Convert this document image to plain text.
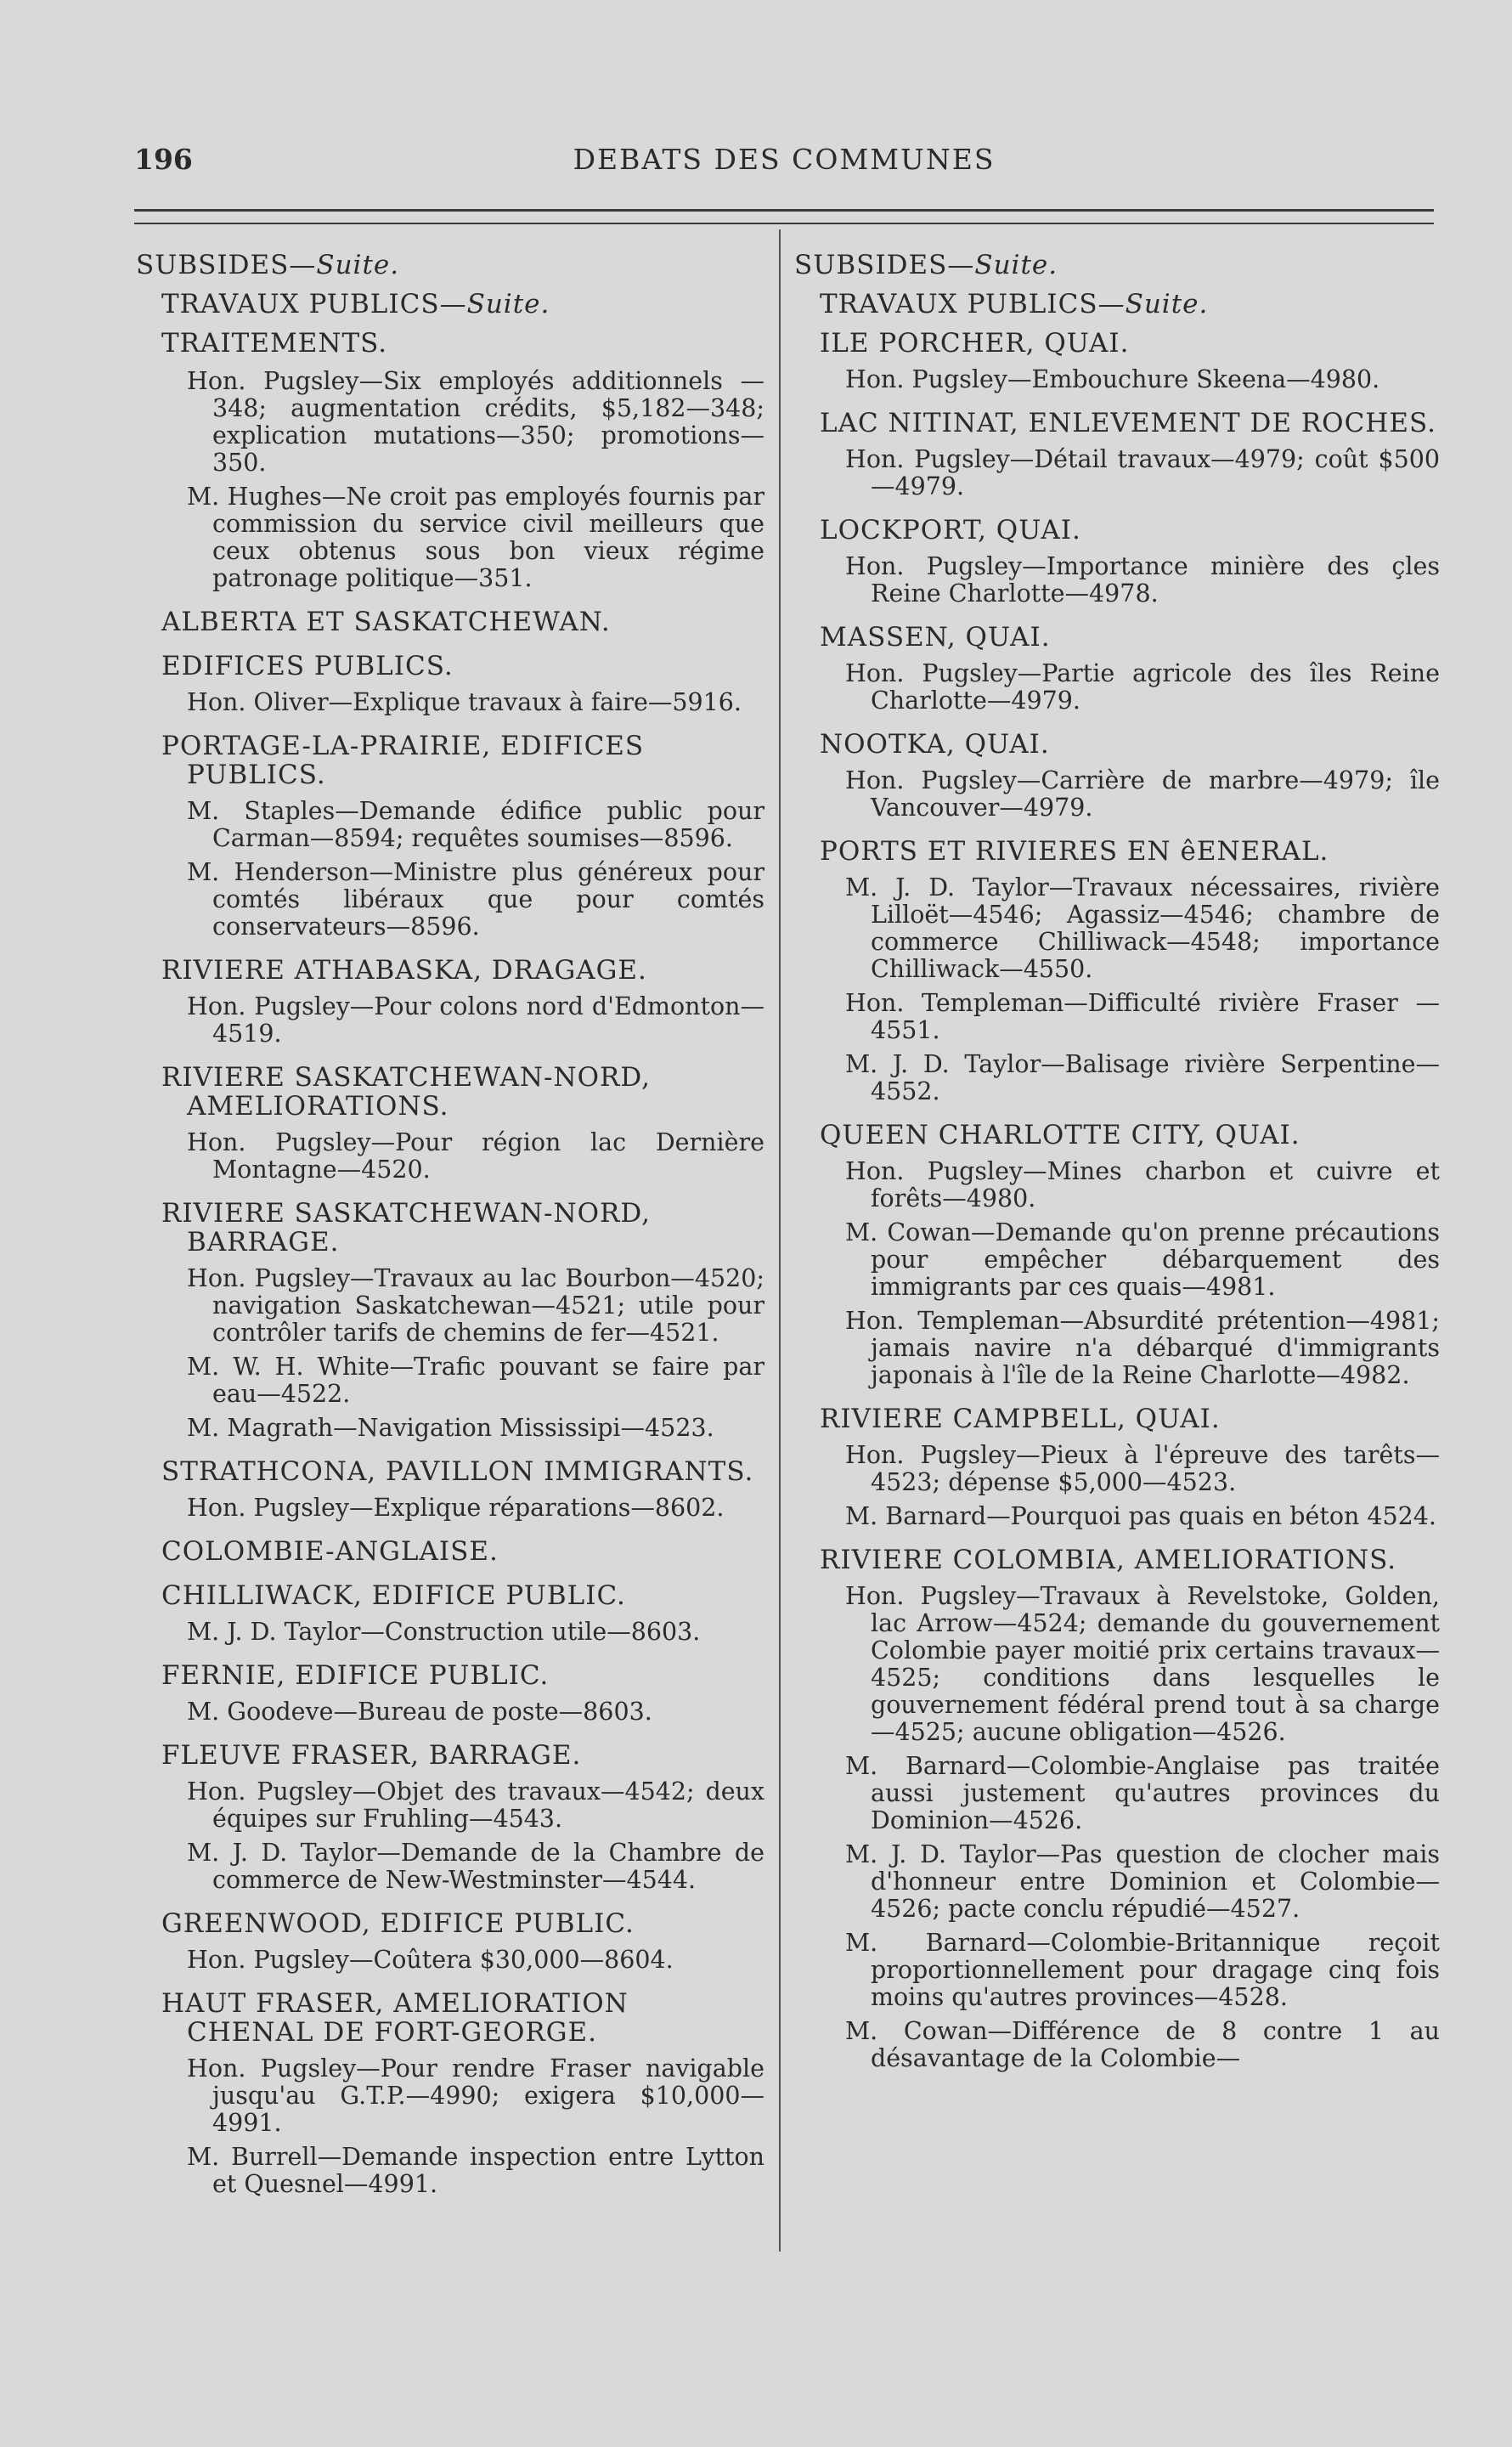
196	DEBATS DES COMMUNES
SUBSIDES—Suite.
TRAVAUX PUBLICS—Suite.
TRAITEMENTS.
Hon. Pugsley—Six employés additionnels —348; augmentation crédits, $5,182—348; explication mutations—350; promotions—350.
M. Hughes—Ne croit pas employés fournis par commission du service civil meilleurs que ceux obtenus sous bon vieux régime patronage politique—351.
ALBERTA ET SASKATCHEWAN.
EDIFICES PUBLICS.
Hon. Oliver—Explique travaux à faire—5916.
PORTAGE-LA-PRAIRIE, EDIFICES PUBLICS.
M. Staples—Demande édifice public pour Carman—8594; requêtes soumises—8596.
M. Henderson—Ministre plus généreux pour comtés libéraux que pour comtés conservateurs—8596.
RIVIERE ATHABASKA, DRAGAGE.
Hon. Pugsley—Pour colons nord d'Edmonton—4519.
RIVIERE SASKATCHEWAN-NORD, AMELIORATIONS.
Hon. Pugsley—Pour région lac Dernière Montagne—4520.
RIVIERE SASKATCHEWAN-NORD, BARRAGE.
Hon. Pugsley—Travaux au lac Bourbon—4520; navigation Saskatchewan—4521; utile pour contrôler tarifs de chemins de fer—4521.
M. W. H. White—Trafic pouvant se faire par eau—4522.
M. Magrath—Navigation Mississipi—4523.
STRATHCONA, PAVILLON IMMIGRANTS.
Hon. Pugsley—Explique réparations—8602.
COLOMBIE-ANGLAISE.
CHILLIWACK, EDIFICE PUBLIC.
M. J. D. Taylor—Construction utile—8603.
FERNIE, EDIFICE PUBLIC.
M. Goodeve—Bureau de poste—8603.
FLEUVE FRASER, BARRAGE.
Hon. Pugsley—Objet des travaux—4542; deux équipes sur Fruhling—4543.
M. J. D. Taylor—Demande de la Chambre de commerce de New-Westminster—4544.
GREENWOOD, EDIFICE PUBLIC.
Hon. Pugsley—Coûtera $30,000—8604.
HAUT FRASER, AMELIORATION CHENAL DE FORT-GEORGE.
Hon. Pugsley—Pour rendre Fraser navigable jusqu'au G.T.P.—4990; exigera $10,000—4991.
M. Burrell—Demande inspection entre Lytton et Quesnel—4991.
SUBSIDES—Suite.
TRAVAUX PUBLICS—Suite.
ILE PORCHER, QUAI.
Hon. Pugsley—Embouchure Skeena—4980.
LAC NITINAT, ENLEVEMENT DE ROCHES.
Hon. Pugsley—Détail travaux—4979; coût $500—4979.
LOCKPORT, QUAI.
Hon. Pugsley—Importance minière des çles Reine Charlotte—4978.
MASSEN, QUAI.
Hon. Pugsley—Partie agricole des îles Reine Charlotte—4979.
NOOTKA, QUAI.
Hon. Pugsley—Carrière de marbre—4979; île Vancouver—4979.
PORTS ET RIVIERES EN êENERAL.
M. J. D. Taylor—Travaux nécessaires, rivière Lilloët—4546; Agassiz—4546; chambre de commerce Chilliwack—4548; importance Chilliwack—4550.
Hon. Templeman—Difficulté rivière Fraser —4551.
M. J. D. Taylor—Balisage rivière Serpentine—4552.
QUEEN CHARLOTTE CITY, QUAI.
Hon. Pugsley—Mines charbon et cuivre et forêts—4980.
M. Cowan—Demande qu'on prenne précautions pour empêcher débarquement des immigrants par ces quais—4981.
Hon. Templeman—Absurdité prétention—4981; jamais navire n'a débarqué d'immigrants japonais à l'île de la Reine Charlotte—4982.
RIVIERE CAMPBELL, QUAI.
Hon. Pugsley—Pieux à l'épreuve des tarêts—4523; dépense $5,000—4523.
M. Barnard—Pourquoi pas quais en béton 4524.
RIVIERE COLOMBIA, AMELIORATIONS.
Hon. Pugsley—Travaux à Revelstoke, Golden, lac Arrow—4524; demande du gouvernement Colombie payer moitié prix certains travaux—4525; conditions dans lesquelles le gouvernement fédéral prend tout à sa charge—4525; aucune obligation—4526.
M. Barnard—Colombie-Anglaise pas traitée aussi justement qu'autres provinces du Dominion—4526.
M. J. D. Taylor—Pas question de clocher mais d'honneur entre Dominion et Colombie—4526; pacte conclu répudié—4527.
M. Barnard—Colombie-Britannique reçoit proportionnellement pour dragage cinq fois moins qu'autres provinces—4528.
M. Cowan—Différence de 8 contre 1 au désavantage de la Colombie—
